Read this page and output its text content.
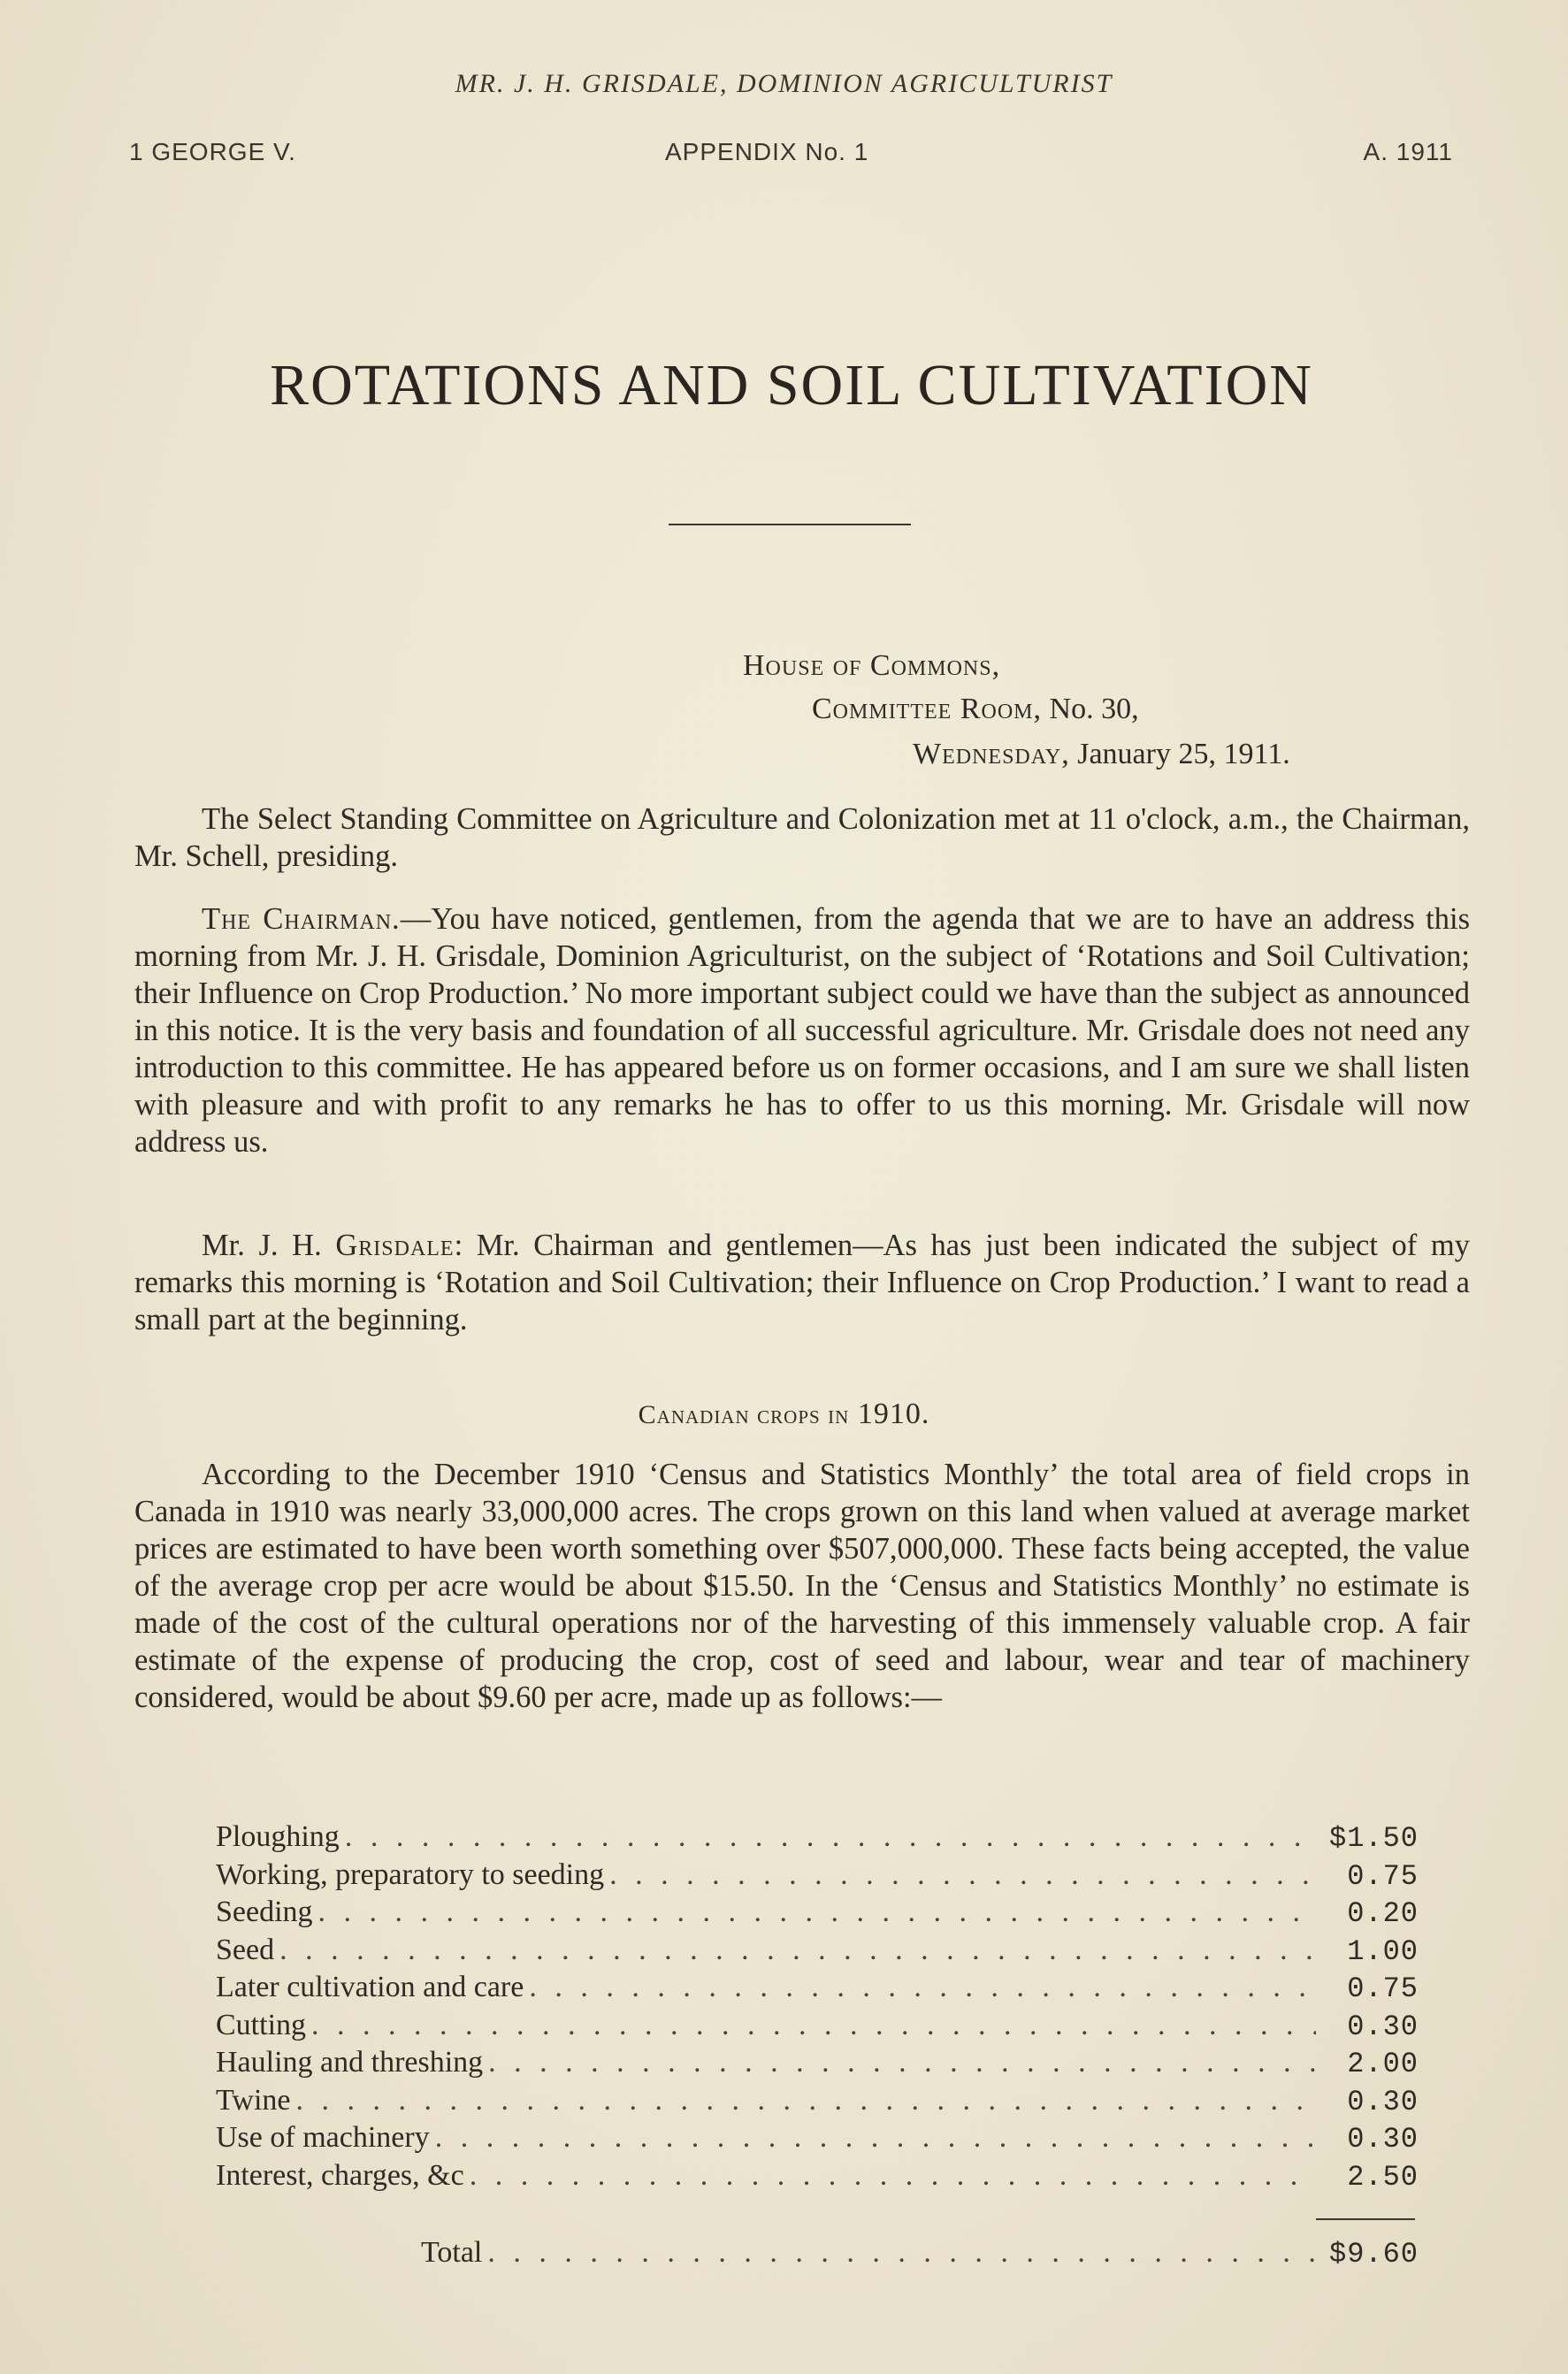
MR. J. H. GRISDALE, DOMINION AGRICULTURIST
1 GEORGE V.	APPENDIX No. 1	A. 1911
ROTATIONS AND SOIL CULTIVATION
House of Commons,
Committee Room, No. 30,
Wednesday, January 25, 1911.

The Select Standing Committee on Agriculture and Colonization met at 11 o'clock, a.m., the Chairman, Mr. Schell, presiding.

The Chairman.—You have noticed, gentlemen, from the agenda that we are to have an address this morning from Mr. J. H. Grisdale, Dominion Agriculturist, on the subject of ‘Rotations and Soil Cultivation; their Influence on Crop Production.’ No more important subject could we have than the subject as announced in this notice. It is the very basis and foundation of all successful agriculture. Mr. Grisdale does not need any introduction to this committee. He has appeared before us on former occasions, and I am sure we shall listen with pleasure and with profit to any remarks he has to offer to us this morning. Mr. Grisdale will now address us.

Mr. J. H. Grisdale: Mr. Chairman and gentlemen—As has just been indicated the subject of my remarks this morning is ‘Rotation and Soil Cultivation; their Influence on Crop Production.’ I want to read a small part at the beginning.

Canadian crops in 1910.

According to the December 1910 ‘Census and Statistics Monthly’ the total area of field crops in Canada in 1910 was nearly 33,000,000 acres. The crops grown on this land when valued at average market prices are estimated to have been worth something over $507,000,000. These facts being accepted, the value of the average crop per acre would be about $15.50. In the ‘Census and Statistics Monthly’ no estimate is made of the cost of the cultural operations nor of the harvesting of this immensely valuable crop. A fair estimate of the expense of producing the crop, cost of seed and labour, wear and tear of machinery considered, would be about $9.60 per acre, made up as follows:—

Ploughing . . .	$1.50
Working, preparatory to seeding . . .	0.75
Seeding . . .	0.20
Seed . . .	1.00
Later cultivation and care . . .	0.75
Cutting . . .	0.30
Hauling and threshing . . .	2.00
Twine . . .	0.30
Use of machinery . . .	0.30
Interest, charges, &c . . .	2.50
Total . . .	$9.60
